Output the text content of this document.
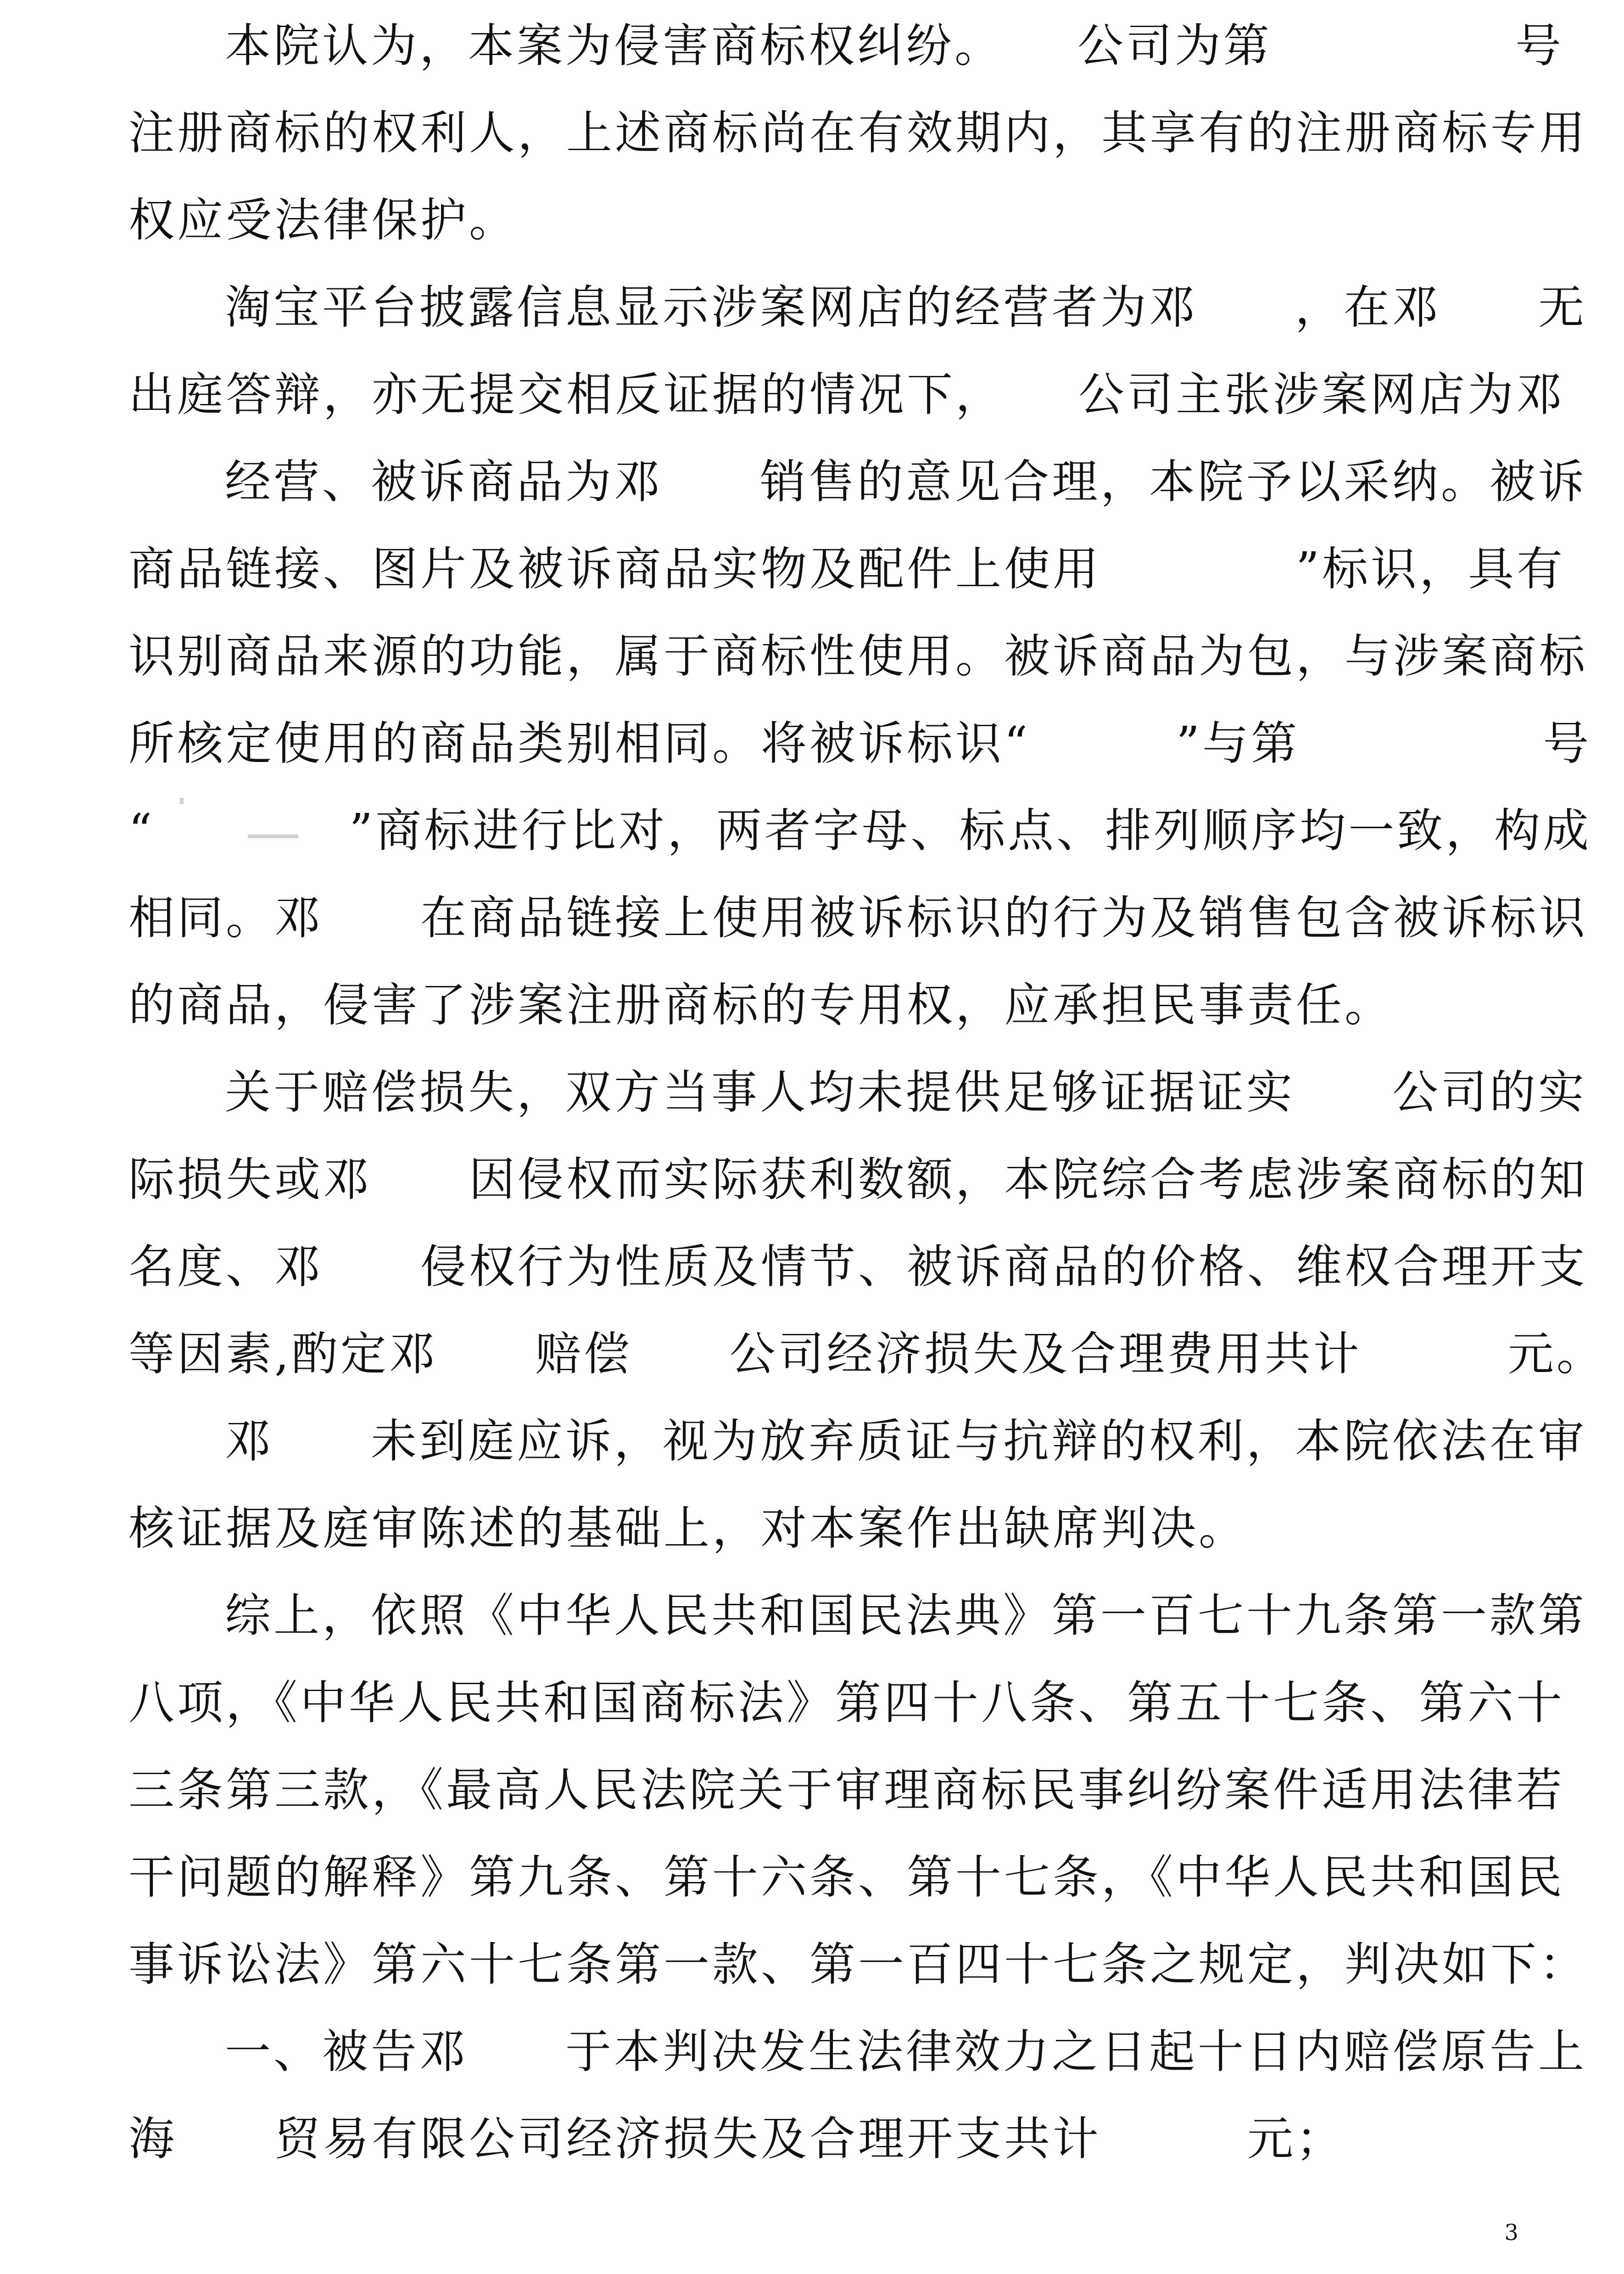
本院认为，本案为侵害商标权纠纷。　　公司为第　　　　　号
注册商标的权利人，上述商标尚在有效期内，其享有的注册商标专用
权应受法律保护。
淘宝平台披露信息显示涉案网店的经营者为邓　　，在邓　　无
出庭答辩，亦无提交相反证据的情况下，　　公司主张涉案网店为邓
经营、被诉商品为邓　　销售的意见合理，本院予以采纳。被诉
商品链接、图片及被诉商品实物及配件上使用　　　　”标识，具有
识别商品来源的功能，属于商标性使用。被诉商品为包，与涉案商标
所核定使用的商品类别相同。将被诉标识“　　　”与第　　　　　号
“　　　　”商标进行比对，两者字母、标点、排列顺序均一致，构成
相同。邓　　在商品链接上使用被诉标识的行为及销售包含被诉标识
的商品，侵害了涉案注册商标的专用权，应承担民事责任。
关于赔偿损失，双方当事人均未提供足够证据证实　　公司的实
际损失或邓　　因侵权而实际获利数额，本院综合考虑涉案商标的知
名度、邓　　侵权行为性质及情节、被诉商品的价格、维权合理开支
等因素,酌定邓　　赔偿　　公司经济损失及合理费用共计　　　元。
邓　　未到庭应诉，视为放弃质证与抗辩的权利，本院依法在审
核证据及庭审陈述的基础上，对本案作出缺席判决。
综上，依照《中华人民共和国民法典》第一百七十九条第一款第
八项，《中华人民共和国商标法》第四十八条、第五十七条、第六十
三条第三款，《最高人民法院关于审理商标民事纠纷案件适用法律若
干问题的解释》第九条、第十六条、第十七条，《中华人民共和国民
事诉讼法》第六十七条第一款、第一百四十七条之规定，判决如下：
一、被告邓　　于本判决发生法律效力之日起十日内赔偿原告上
海　　贸易有限公司经济损失及合理开支共计　　　元；
3
